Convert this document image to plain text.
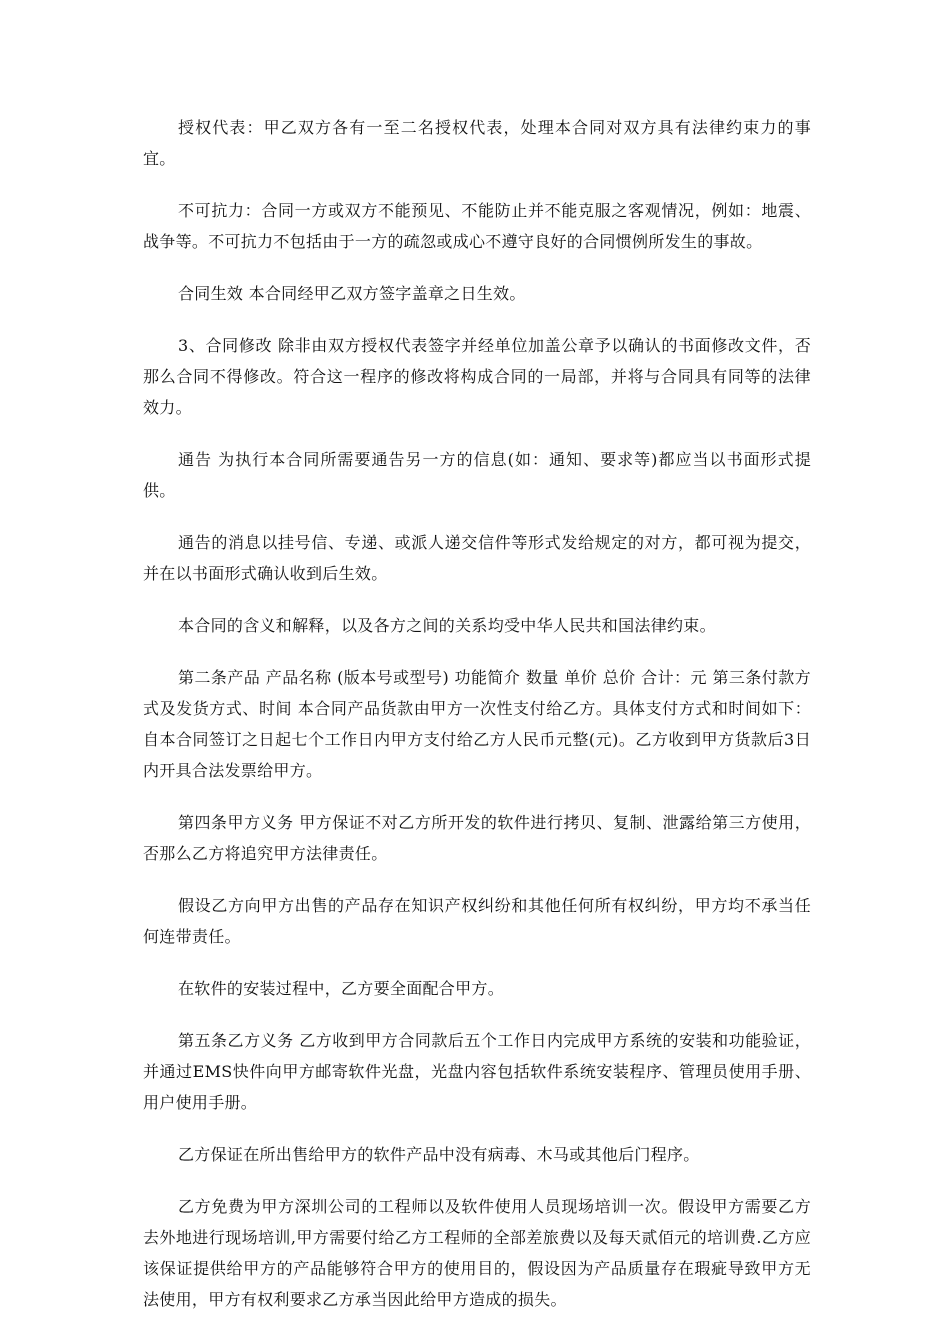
授权代表：甲乙双方各有一至二名授权代表，处理本合同对双方具有法律约束力的事宜。

不可抗力：合同一方或双方不能预见、不能防止并不能克服之客观情况，例如：地震、战争等。不可抗力不包括由于一方的疏忽或成心不遵守良好的合同惯例所发生的事故。

合同生效 本合同经甲乙双方签字盖章之日生效。

3、合同修改 除非由双方授权代表签字并经单位加盖公章予以确认的书面修改文件，否那么合同不得修改。符合这一程序的修改将构成合同的一局部，并将与合同具有同等的法律效力。

通告 为执行本合同所需要通告另一方的信息(如：通知、要求等)都应当以书面形式提供。

通告的消息以挂号信、专递、或派人递交信件等形式发给规定的对方，都可视为提交，并在以书面形式确认收到后生效。

本合同的含义和解释，以及各方之间的关系均受中华人民共和国法律约束。

第二条产品 产品名称 (版本号或型号) 功能简介 数量 单价 总价 合计：元 第三条付款方式及发货方式、时间 本合同产品货款由甲方一次性支付给乙方。具体支付方式和时间如下：自本合同签订之日起七个工作日内甲方支付给乙方人民币元整(元)。乙方收到甲方货款后3日内开具合法发票给甲方。

第四条甲方义务 甲方保证不对乙方所开发的软件进行拷贝、复制、泄露给第三方使用，否那么乙方将追究甲方法律责任。

假设乙方向甲方出售的产品存在知识产权纠纷和其他任何所有权纠纷，甲方均不承当任何连带责任。

在软件的安装过程中，乙方要全面配合甲方。

第五条乙方义务 乙方收到甲方合同款后五个工作日内完成甲方系统的安装和功能验证，并通过EMS快件向甲方邮寄软件光盘，光盘内容包括软件系统安装程序、管理员使用手册、用户使用手册。

乙方保证在所出售给甲方的软件产品中没有病毒、木马或其他后门程序。

乙方免费为甲方深圳公司的工程师以及软件使用人员现场培训一次。假设甲方需要乙方去外地进行现场培训,甲方需要付给乙方工程师的全部差旅费以及每天贰佰元的培训费.乙方应该保证提供给甲方的产品能够符合甲方的使用目的，假设因为产品质量存在瑕疵导致甲方无法使用，甲方有权利要求乙方承当因此给甲方造成的损失。
